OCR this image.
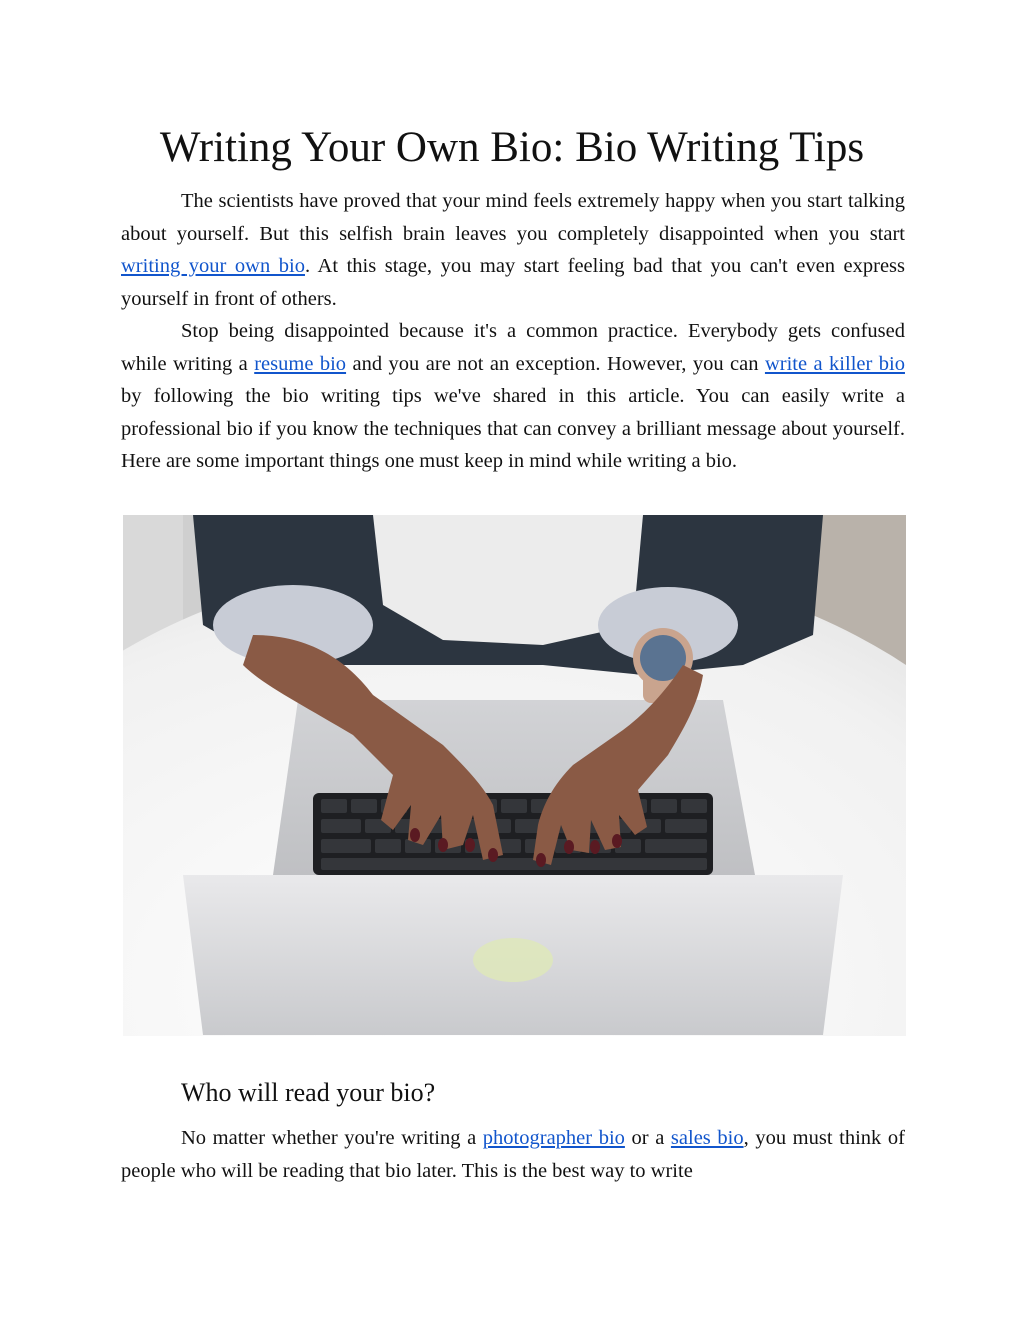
Writing Your Own Bio: Bio Writing Tips

The scientists have proved that your mind feels extremely happy when you start talking about yourself. But this selfish brain leaves you completely disappointed when you start writing your own bio. At this stage, you may start feeling bad that you can't even express yourself in front of others.

Stop being disappointed because it's a common practice. Everybody gets confused while writing a resume bio and you are not an exception. However, you can write a killer bio by following the bio writing tips we've shared in this article. You can easily write a professional bio if you know the techniques that can convey a brilliant message about yourself. Here are some important things one must keep in mind while writing a bio.

Who will read your bio?

No matter whether you're writing a photographer bio or a sales bio, you must think of people who will be reading that bio later. This is the best way to write
